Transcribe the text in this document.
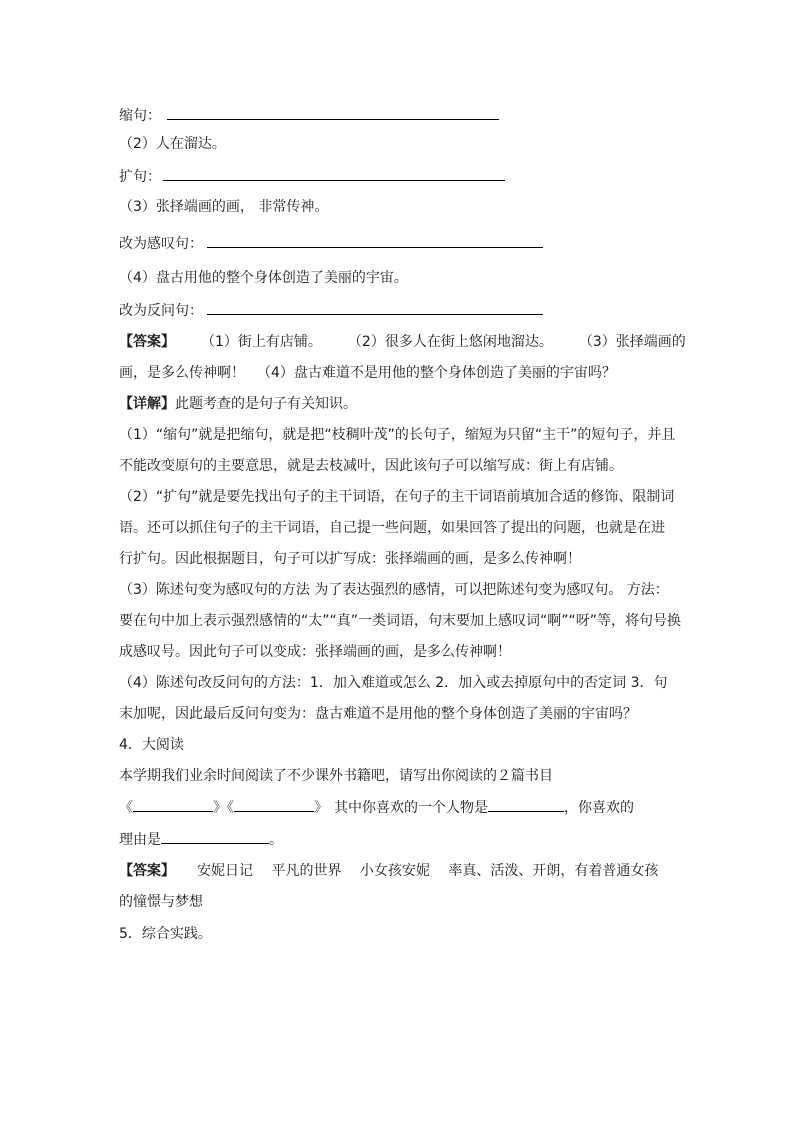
缩句：
（2）人在溜达。
扩句：
（3）张择端画的画， 非常传神。
改为感叹句：
（4）盘古用他的整个身体创造了美丽的宇宙。
改为反问句：
【答案】 （1）街上有店铺。 （2）很多人在街上悠闲地溜达。 （3）张择端画的
画，是多么传神啊！ （4）盘古难道不是用他的整个身体创造了美丽的宇宙吗？
【详解】此题考查的是句子有关知识。
（1）“缩句”就是把缩句，就是把“枝稠叶茂”的长句子，缩短为只留“主干”的短句子，并且
不能改变原句的主要意思，就是去枝减叶，因此该句子可以缩写成：街上有店铺。
（2）“扩句”就是要先找出句子的主干词语，在句子的主干词语前填加合适的修饰、限制词
语。还可以抓住句子的主干词语，自己提一些问题，如果回答了提出的问题，也就是在进
行扩句。因此根据题目，句子可以扩写成：张择端画的画，是多么传神啊！
（3）陈述句变为感叹句的方法 为了表达强烈的感情，可以把陈述句变为感叹句。 方法：
要在句中加上表示强烈感情的“太”“真”一类词语，句末要加上感叹词“啊”“呀”等，将句号换
成感叹号。因此句子可以变成：张择端画的画，是多么传神啊！
（4）陈述句改反问句的方法：1．加入难道或怎么 2．加入或去掉原句中的否定词 3．句
末加呢，因此最后反问句变为：盘古难道不是用他的整个身体创造了美丽的宇宙吗？
4．大阅读
本学期我们业余时间阅读了不少课外书籍吧，请写出你阅读的２篇书目
《	》《	》 其中你喜欢的一个人物是	，你喜欢的
理由是	。
【答案】 安妮日记　 平凡的世界　 小女孩安妮　 率真、活泼、开朗，有着普通女孩
的憧憬与梦想
5．综合实践。
